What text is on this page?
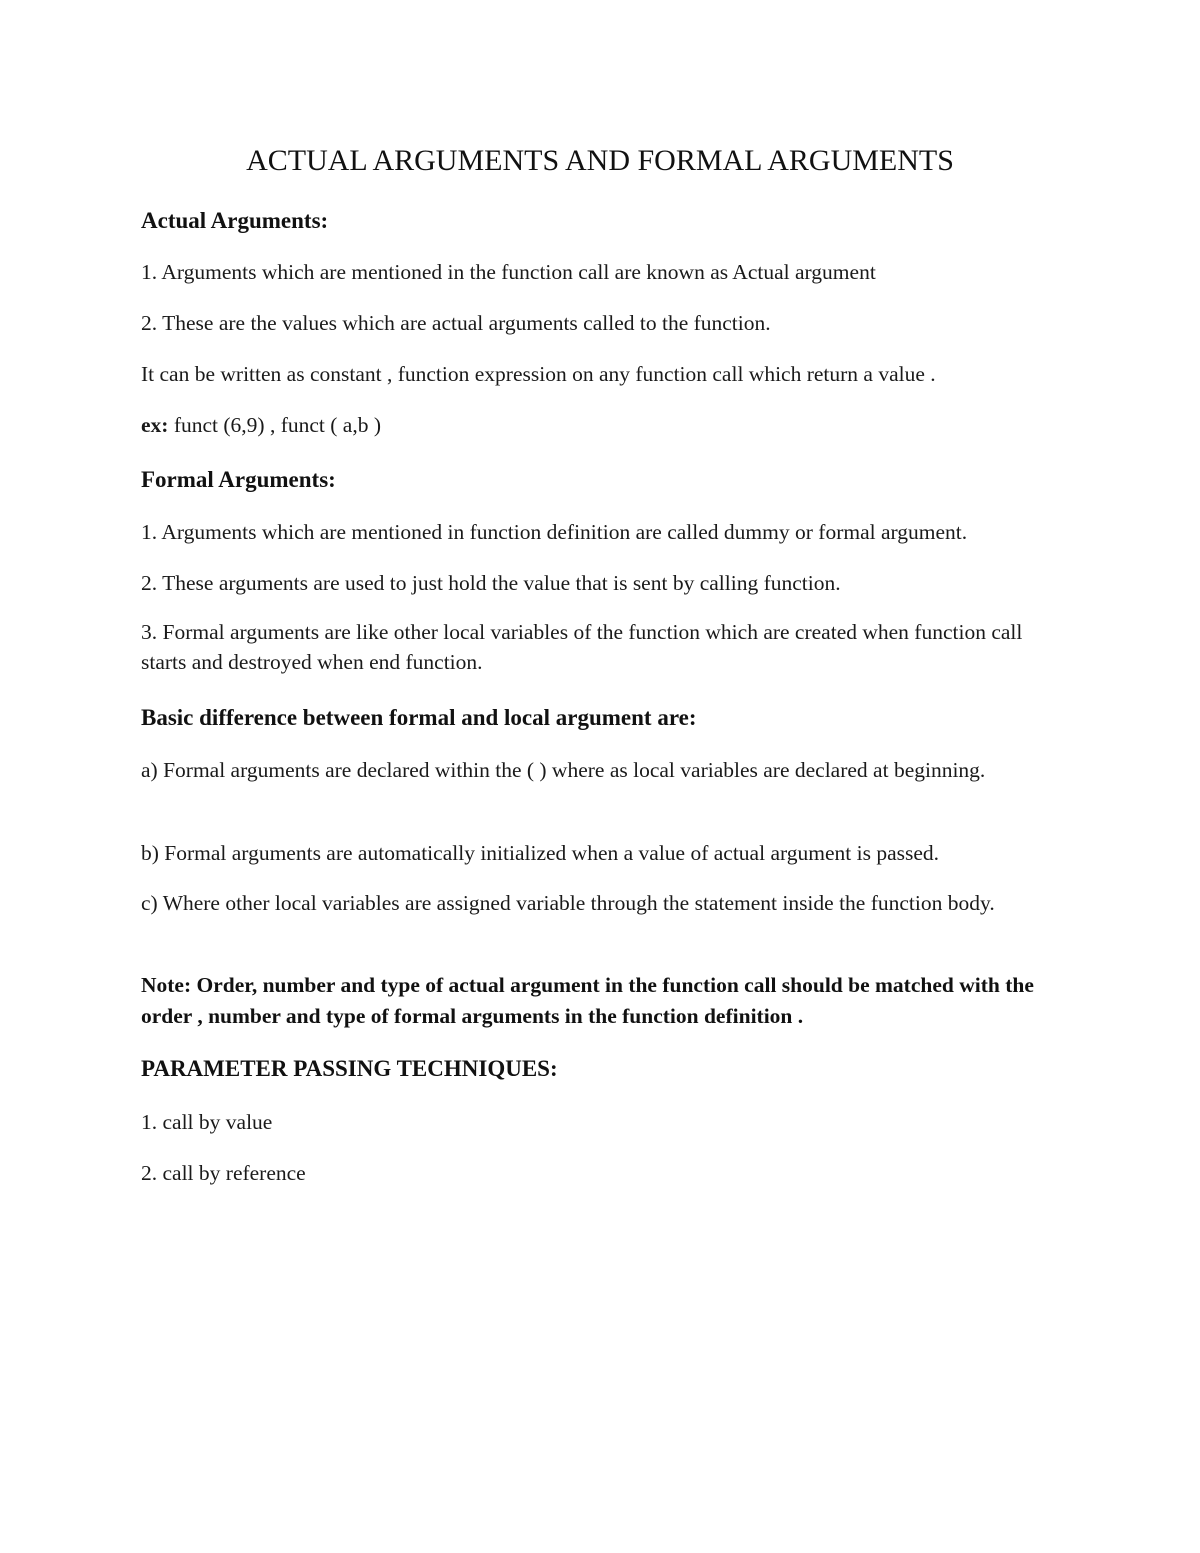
ACTUAL ARGUMENTS AND FORMAL ARGUMENTS
Actual Arguments:

1. Arguments which are mentioned in the function call are known as Actual argument

2. These are the values which are actual arguments called to the function.

It can be written as constant , function expression on any function call which return a value .

ex: funct (6,9) , funct ( a,b )

Formal Arguments:

1. Arguments which are mentioned in function definition are called dummy or formal argument.

2. These arguments are used to just hold the value that is sent by calling function.

3. Formal arguments are like other local variables of the function which are created when function call starts and destroyed when end function.

Basic difference between formal and local argument are:

a) Formal arguments are declared within the ( ) where as local variables are declared at beginning.

b) Formal arguments are automatically initialized when a value of actual argument is passed.

c) Where other local variables are assigned variable through the statement inside the function body.

Note: Order, number and type of actual argument in the function call should be matched with the order , number and type of formal arguments in the function definition .

PARAMETER PASSING TECHNIQUES:

1. call by value

2. call by reference
